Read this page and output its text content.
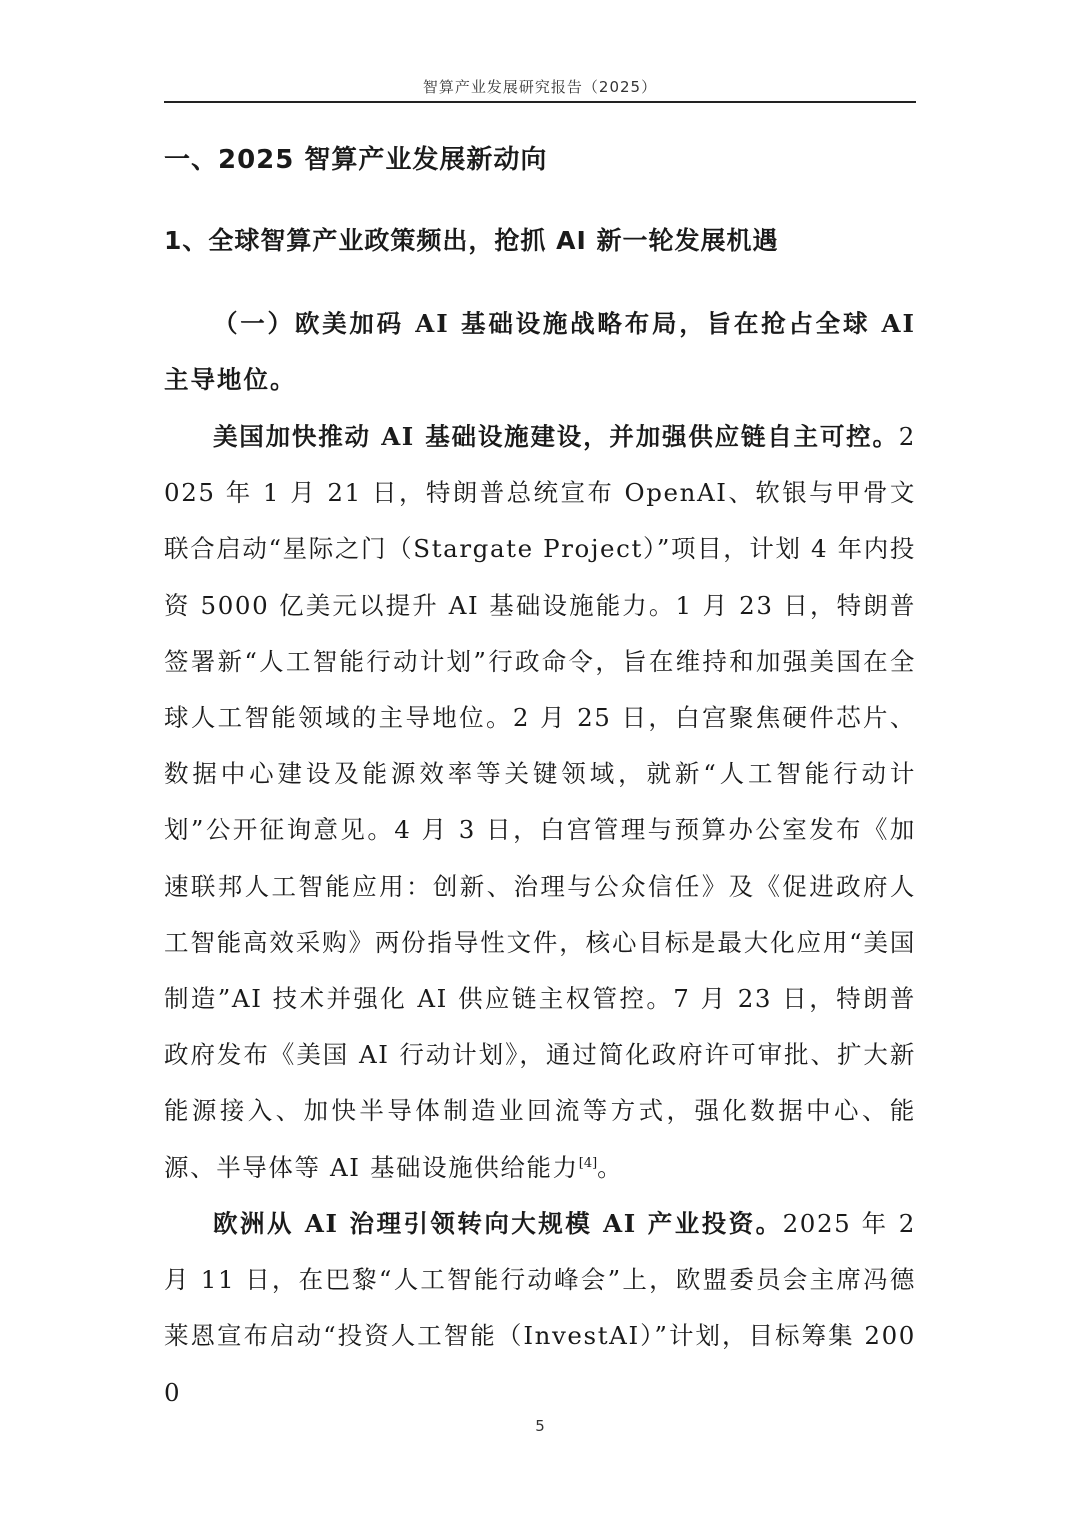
智算产业发展研究报告（2025）
一、2025 智算产业发展新动向
1、全球智算产业政策频出，抢抓 AI 新一轮发展机遇
（一）欧美加码 AI 基础设施战略布局，旨在抢占全球 AI 主导地位。

美国加快推动 AI 基础设施建设，并加强供应链自主可控。2025 年 1 月 21 日，特朗普总统宣布 OpenAI、软银与甲骨文联合启动“星际之门（Stargate Project）”项目，计划 4 年内投资 5000 亿美元以提升 AI 基础设施能力。1 月 23 日，特朗普签署新“人工智能行动计划”行政命令，旨在维持和加强美国在全球人工智能领域的主导地位。2 月 25 日，白宫聚焦硬件芯片、数据中心建设及能源效率等关键领域，就新“人工智能行动计划”公开征询意见。4 月 3 日，白宫管理与预算办公室发布《加速联邦人工智能应用：创新、治理与公众信任》及《促进政府人工智能高效采购》两份指导性文件，核心目标是最大化应用“美国制造”AI 技术并强化 AI 供应链主权管控。7 月 23 日，特朗普政府发布《美国 AI 行动计划》，通过简化政府许可审批、扩大新能源接入、加快半导体制造业回流等方式，强化数据中心、能源、半导体等 AI 基础设施供给能力[4]。

欧洲从 AI 治理引领转向大规模 AI 产业投资。2025 年 2 月 11 日，在巴黎“人工智能行动峰会”上，欧盟委员会主席冯德莱恩宣布启动“投资人工智能（InvestAI）”计划，目标筹集 2000

5
